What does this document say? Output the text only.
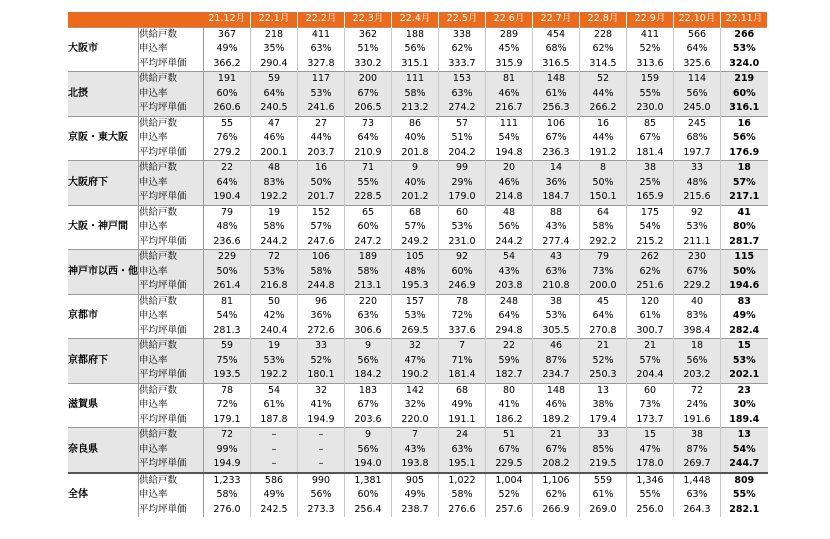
		21.12月	22.1月	22.2月	22.3月	22.4月	22.5月	22.6月	22.7月	22.8月	22.9月	22.10月	22.11月
大阪市	供給戸数	367	218	411	362	188	338	289	454	228	411	566	266
	申込率	49%	35%	63%	51%	56%	62%	45%	68%	62%	52%	64%	53%
	平均坪単価	366.2	290.4	327.8	330.2	315.1	333.7	315.9	316.5	314.5	313.6	325.6	324.0
北摂	供給戸数	191	59	117	200	111	153	81	148	52	159	114	219
	申込率	60%	64%	53%	67%	58%	63%	46%	61%	44%	55%	56%	60%
	平均坪単価	260.6	240.5	241.6	206.5	213.2	274.2	216.7	256.3	266.2	230.0	245.0	316.1
京阪・東大阪	供給戸数	55	47	27	73	86	57	111	106	16	85	245	16
	申込率	76%	46%	44%	64%	40%	51%	54%	67%	44%	67%	68%	56%
	平均坪単価	279.2	200.1	203.7	210.9	201.8	204.2	194.8	236.3	191.2	181.4	197.7	176.9
大阪府下	供給戸数	22	48	16	71	9	99	20	14	8	38	33	18
	申込率	64%	83%	50%	55%	40%	29%	46%	36%	50%	25%	48%	57%
	平均坪単価	190.4	192.2	201.7	228.5	201.2	179.0	214.8	184.7	150.1	165.9	215.6	217.1
大阪・神戸間	供給戸数	79	19	152	65	68	60	48	88	64	175	92	41
	申込率	48%	58%	57%	60%	57%	53%	56%	43%	58%	54%	53%	80%
	平均坪単価	236.6	244.2	247.6	247.2	249.2	231.0	244.2	277.4	292.2	215.2	211.1	281.7
神戸市以西・他	供給戸数	229	72	106	189	105	92	54	43	79	262	230	115
	申込率	50%	53%	58%	58%	48%	60%	43%	63%	73%	62%	67%	50%
	平均坪単価	261.4	216.8	244.8	213.1	195.3	246.9	203.8	210.8	200.0	251.6	229.2	194.6
京都市	供給戸数	81	50	96	220	157	78	248	38	45	120	40	83
	申込率	54%	42%	36%	63%	53%	72%	64%	53%	64%	61%	83%	49%
	平均坪単価	281.3	240.4	272.6	306.6	269.5	337.6	294.8	305.5	270.8	300.7	398.4	282.4
京都府下	供給戸数	59	19	33	9	32	7	22	46	21	21	18	15
	申込率	75%	53%	52%	56%	47%	71%	59%	87%	52%	57%	56%	53%
	平均坪単価	193.5	192.2	180.1	184.2	190.2	181.4	182.7	234.7	250.3	204.4	203.2	202.1
滋賀県	供給戸数	78	54	32	183	142	68	80	148	13	60	72	23
	申込率	72%	61%	41%	67%	32%	49%	41%	46%	38%	73%	24%	30%
	平均坪単価	179.1	187.8	194.9	203.6	220.0	191.1	186.2	189.2	179.4	173.7	191.6	189.4
奈良県	供給戸数	72	–	–	9	7	24	51	21	33	15	38	13
	申込率	99%	–	–	56%	43%	63%	67%	67%	85%	47%	87%	54%
	平均坪単価	194.9	–	–	194.0	193.8	195.1	229.5	208.2	219.5	178.0	269.7	244.7
全体	供給戸数	1,233	586	990	1,381	905	1,022	1,004	1,106	559	1,346	1,448	809
	申込率	58%	49%	56%	60%	49%	58%	52%	62%	61%	55%	63%	55%
	平均坪単価	276.0	242.5	273.3	256.4	238.7	276.6	257.6	266.9	269.0	256.0	264.3	282.1
